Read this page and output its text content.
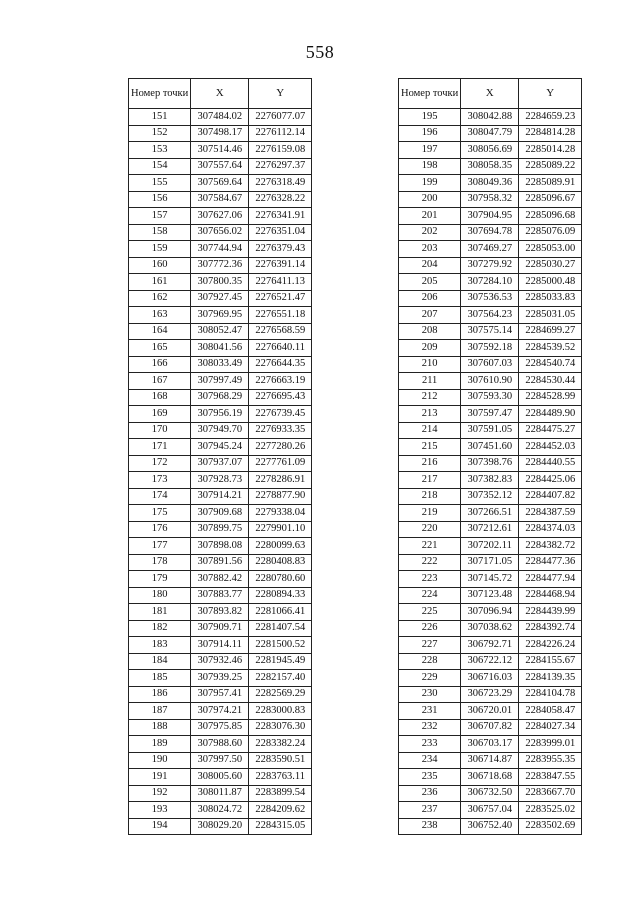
558
Номер точки	X	Y
151	307484.02	2276077.07
152	307498.17	2276112.14
153	307514.46	2276159.08
154	307557.64	2276297.37
155	307569.64	2276318.49
156	307584.67	2276328.22
157	307627.06	2276341.91
158	307656.02	2276351.04
159	307744.94	2276379.43
160	307772.36	2276391.14
161	307800.35	2276411.13
162	307927.45	2276521.47
163	307969.95	2276551.18
164	308052.47	2276568.59
165	308041.56	2276640.11
166	308033.49	2276644.35
167	307997.49	2276663.19
168	307968.29	2276695.43
169	307956.19	2276739.45
170	307949.70	2276933.35
171	307945.24	2277280.26
172	307937.07	2277761.09
173	307928.73	2278286.91
174	307914.21	2278877.90
175	307909.68	2279338.04
176	307899.75	2279901.10
177	307898.08	2280099.63
178	307891.56	2280408.83
179	307882.42	2280780.60
180	307883.77	2280894.33
181	307893.82	2281066.41
182	307909.71	2281407.54
183	307914.11	2281500.52
184	307932.46	2281945.49
185	307939.25	2282157.40
186	307957.41	2282569.29
187	307974.21	2283000.83
188	307975.85	2283076.30
189	307988.60	2283382.24
190	307997.50	2283590.51
191	308005.60	2283763.11
192	308011.87	2283899.54
193	308024.72	2284209.62
194	308029.20	2284315.05
Номер точки	X	Y
195	308042.88	2284659.23
196	308047.79	2284814.28
197	308056.69	2285014.28
198	308058.35	2285089.22
199	308049.36	2285089.91
200	307958.32	2285096.67
201	307904.95	2285096.68
202	307694.78	2285076.09
203	307469.27	2285053.00
204	307279.92	2285030.27
205	307284.10	2285000.48
206	307536.53	2285033.83
207	307564.23	2285031.05
208	307575.14	2284699.27
209	307592.18	2284539.52
210	307607.03	2284540.74
211	307610.90	2284530.44
212	307593.30	2284528.99
213	307597.47	2284489.90
214	307591.05	2284475.27
215	307451.60	2284452.03
216	307398.76	2284440.55
217	307382.83	2284425.06
218	307352.12	2284407.82
219	307266.51	2284387.59
220	307212.61	2284374.03
221	307202.11	2284382.72
222	307171.05	2284477.36
223	307145.72	2284477.94
224	307123.48	2284468.94
225	307096.94	2284439.99
226	307038.62	2284392.74
227	306792.71	2284226.24
228	306722.12	2284155.67
229	306716.03	2284139.35
230	306723.29	2284104.78
231	306720.01	2284058.47
232	306707.82	2284027.34
233	306703.17	2283999.01
234	306714.87	2283955.35
235	306718.68	2283847.55
236	306732.50	2283667.70
237	306757.04	2283525.02
238	306752.40	2283502.69
